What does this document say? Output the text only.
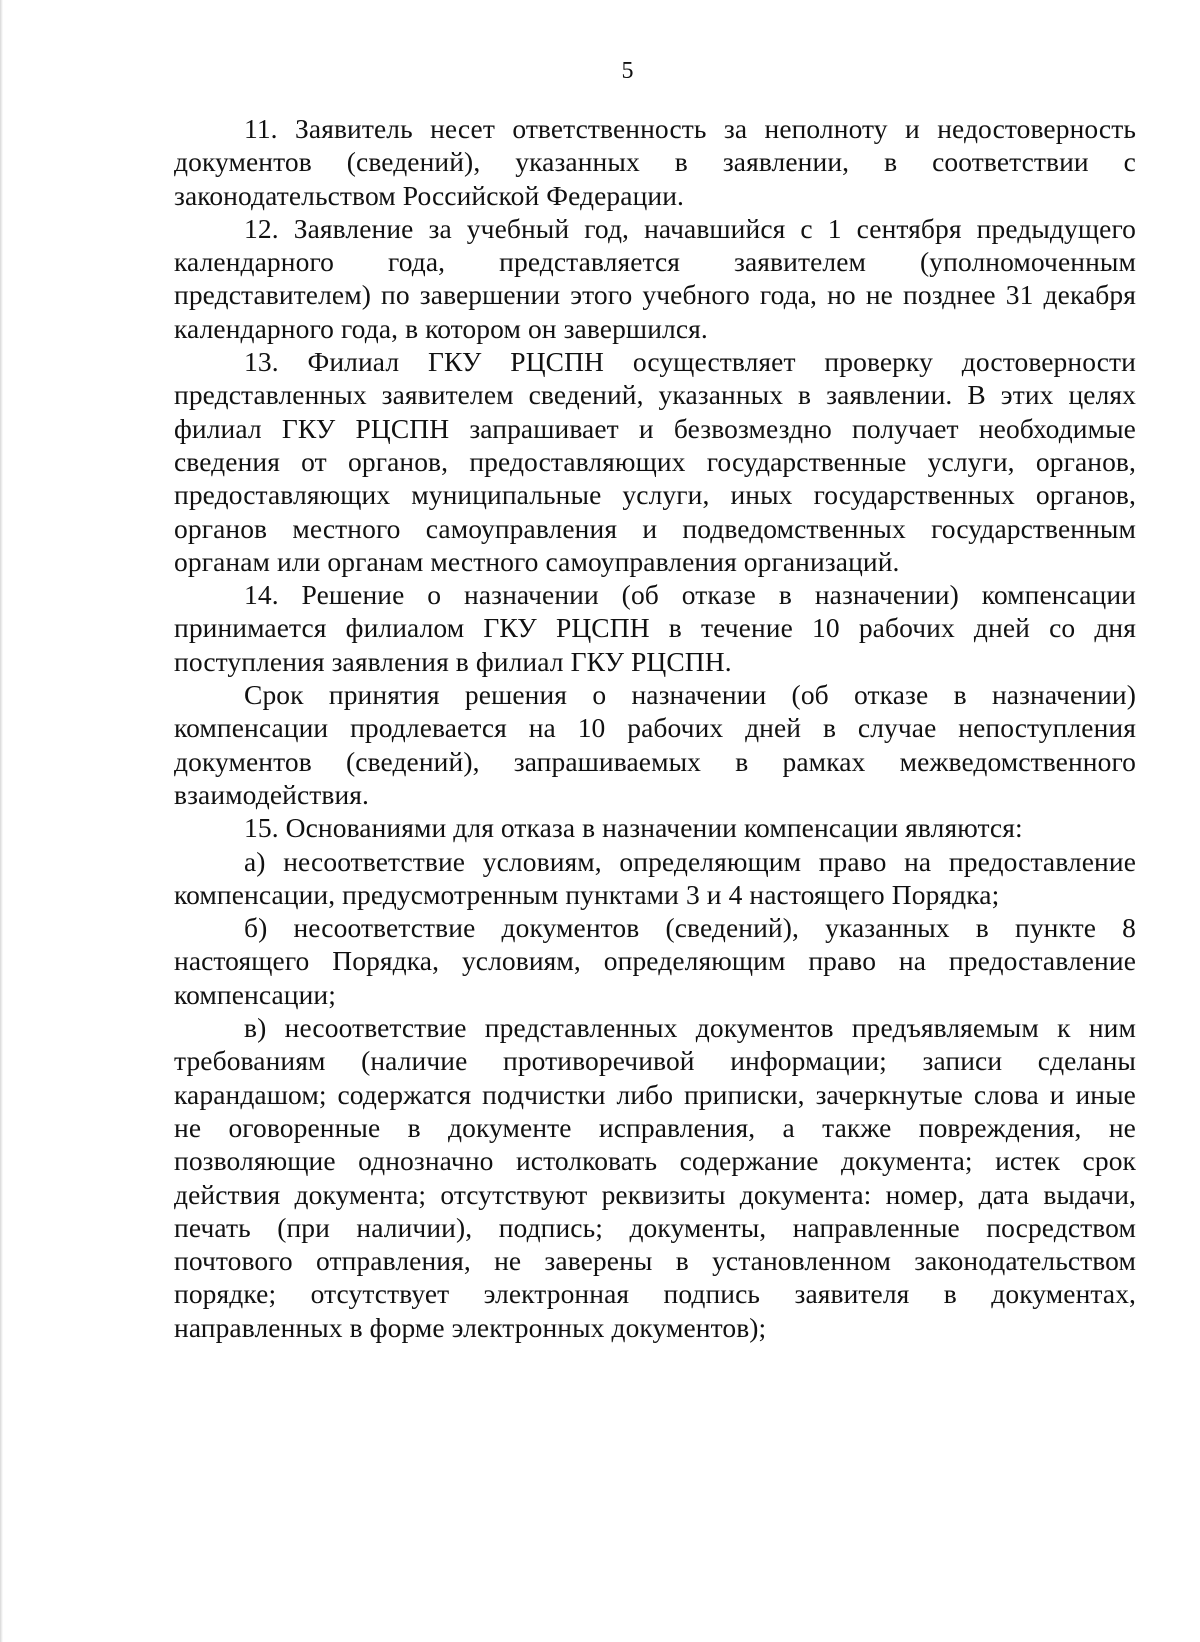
5

11. Заявитель несет ответственность за неполноту и недостоверность документов (сведений), указанных в заявлении, в соответствии с законодательством Российской Федерации.

12. Заявление за учебный год, начавшийся с 1 сентября предыдущего календарного года, представляется заявителем (уполномоченным представителем) по завершении этого учебного года, но не позднее 31 декабря календарного года, в котором он завершился.

13. Филиал ГКУ РЦСПН осуществляет проверку достоверности представленных заявителем сведений, указанных в заявлении. В этих целях филиал ГКУ РЦСПН запрашивает и безвозмездно получает необходимые сведения от органов, предоставляющих государственные услуги, органов, предоставляющих муниципальные услуги, иных государственных органов, органов местного самоуправления и подведомственных государственным органам или органам местного самоуправления организаций.

14. Решение о назначении (об отказе в назначении) компенсации принимается филиалом ГКУ РЦСПН в течение 10 рабочих дней со дня поступления заявления в филиал ГКУ РЦСПН.

Срок принятия решения о назначении (об отказе в назначении) компенсации продлевается на 10 рабочих дней в случае непоступления документов (сведений), запрашиваемых в рамках межведомственного взаимодействия.

15. Основаниями для отказа в назначении компенсации являются:

а) несоответствие условиям, определяющим право на предоставление компенсации, предусмотренным пунктами 3 и 4 настоящего Порядка;

б) несоответствие документов (сведений), указанных в пункте 8 настоящего Порядка, условиям, определяющим право на предоставление компенсации;

в) несоответствие представленных документов предъявляемым к ним требованиям (наличие противоречивой информации; записи сделаны карандашом; содержатся подчистки либо приписки, зачеркнутые слова и иные не оговоренные в документе исправления, а также повреждения, не позволяющие однозначно истолковать содержание документа; истек срок действия документа; отсутствуют реквизиты документа: номер, дата выдачи, печать (при наличии), подпись; документы, направленные посредством почтового отправления, не заверены в установленном законодательством порядке; отсутствует электронная подпись заявителя в документах, направленных в форме электронных документов);
